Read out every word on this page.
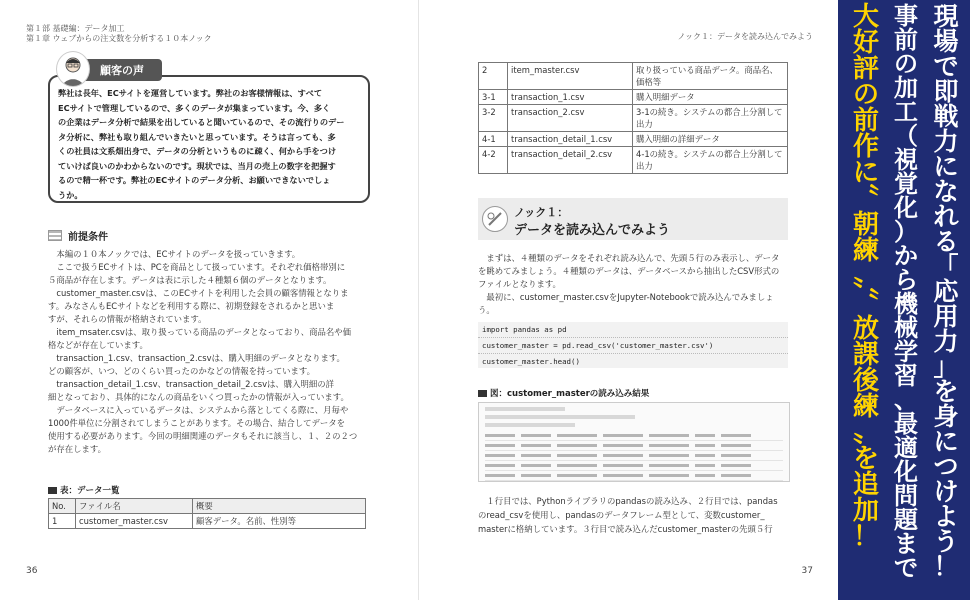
第１部 基礎編：データ加工
第１章 ウェブからの注文数を分析する１０本ノック
顧客の声
弊社は長年、ECサイトを運営しています。弊社のお客様情報は、すべて
ECサイトで管理しているので、多くのデータが集まっています。今、多く
の企業はデータ分析で結果を出していると聞いているので、その流行りのデー
タ分析に、弊社も取り組んでいきたいと思っています。そうは言っても、多
くの社員は文系畑出身で、データの分析というものに疎く、何から手をつけ
ていけば良いのかわからないのです。現状では、当月の売上の数字を把握す
るので精一杯です。弊社のECサイトのデータ分析、お願いできないでしょ
うか。
前提条件

本編の１０本ノックでは、ECサイトのデータを扱っていきます。

ここで扱うECサイトは、PCを商品として扱っています。それぞれ価格帯別に

５商品が存在します。データは表に示した４種類６個のデータとなります。

customer_master.csvは、このECサイトを利用した会員の顧客情報となりま

す。みなさんもECサイトなどを利用する際に、初期登録をされるかと思いま
すが、それらの情報が格納されています。

item_msater.csvは、取り扱っている商品のデータとなっており、商品名や価

格などが存在しています。

transaction_1.csv、transaction_2.csvは、購入明細のデータとなります。

どの顧客が、いつ、どのくらい買ったのかなどの情報を持っています。

transaction_detail_1.csv、transaction_detail_2.csvは、購入明細の詳

細となっており、具体的になんの商品をいくつ買ったかの情報が入っています。

データベースに入っているデータは、システムから落としてくる際に、月毎や

1000件単位に分割されてしまうことがあります。その場合、結合してデータを
使用する必要があります。今回の明細関連のデータもそれに該当し、１、２の２つ
が存在します。
表：データ一覧
No.	ファイル名	概要
1	customer_master.csv	顧客データ。名前、性別等
36
ノック１：データを読み込んでみよう
37
2	item_master.csv	取り扱っている商品データ。商品名、価格等
3-1	transaction_1.csv	購入明細データ
3-2	transaction_2.csv	3-1の続き。システムの都合上分割して出力
4-1	transaction_detail_1.csv	購入明細の詳細データ
4-2	transaction_detail_2.csv	4-1の続き。システムの都合上分割して出力
ノック１：
データを読み込んでみよう

まずは、４種類のデータをそれぞれ読み込んで、先頭５行のみ表示し、データ

を眺めてみましょう。４種類のデータは、データベースから抽出したCSV形式の
ファイルとなります。

最初に、customer_master.csvをJupyter-Notebookで読み込んでみましょう。

import pandas as pd
customer_master = pd.read_csv('customer_master.csv')
customer_master.head()
図：customer_masterの読み込み結果

１行目では、Pythonライブラリのpandasの読み込み、２行目では、pandas

のread_csvを使用し、pandasのデータフレーム型として、変数customer_
masterに格納しています。３行目で読み込んだcustomer_masterの先頭５行
大
好
評
の
前
作
に
〝
朝
練
〟
〝
放
課
後
練
〟
を
追
加
！
事
前
の
加
工
（
視
覚
化
）
か
ら
機
械
学
習
、
最
適
化
問
題
ま
で
現
場
で
即
戦
力
に
な
れ
る
「
応
用
力
」
を
身
に
つ
け
よ
う
！
